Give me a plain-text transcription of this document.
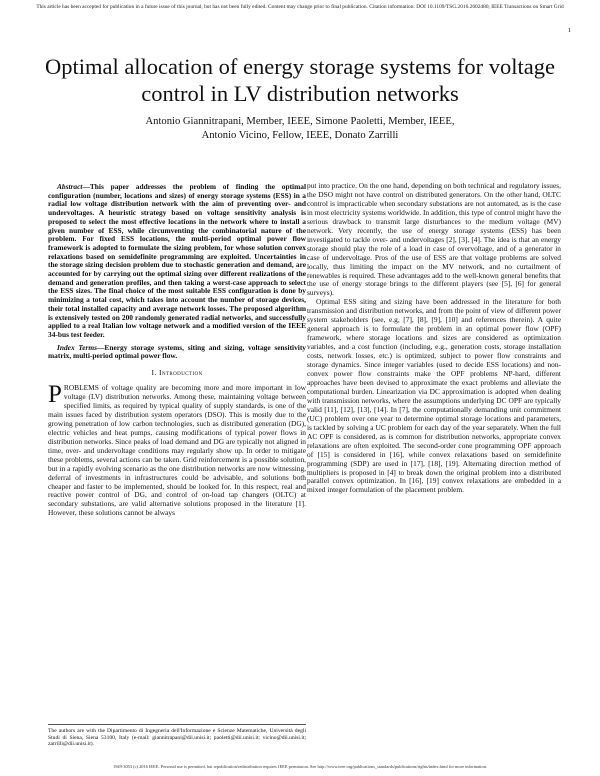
This article has been accepted for publication in a future issue of this journal, but has not been fully edited. Content may change prior to final publication. Citation information: DOI 10.1109/TSG.2016.2602480, IEEE Transactions on Smart Grid
1
Optimal allocation of energy storage systems for voltage control in LV distribution networks
Antonio Giannitrapani, Member, IEEE, Simone Paoletti, Member, IEEE,
Antonio Vicino, Fellow, IEEE, Donato Zarrilli

Abstract—This paper addresses the problem of finding the optimal configuration (number, locations and sizes) of energy storage systems (ESS) in a radial low voltage distribution network with the aim of preventing over- and undervoltages. A heuristic strategy based on voltage sensitivity analysis is proposed to select the most effective locations in the network where to install a given number of ESS, while circumventing the combinatorial nature of the problem. For fixed ESS locations, the multi-period optimal power flow framework is adopted to formulate the sizing problem, for whose solution convex relaxations based on semidefinite programming are exploited. Uncertainties in the storage sizing decision problem due to stochastic generation and demand, are accounted for by carrying out the optimal sizing over different realizations of the demand and generation profiles, and then taking a worst-case approach to select the ESS sizes. The final choice of the most suitable ESS configuration is done by minimizing a total cost, which takes into account the number of storage devices, their total installed capacity and average network losses. The proposed algorithm is extensively tested on 200 randomly generated radial networks, and successfully applied to a real Italian low voltage network and a modified version of the IEEE 34-bus test feeder.

Index Terms—Energy storage systems, siting and sizing, voltage sensitivity matrix, multi-period optimal power flow.

I. Introduction

PROBLEMS of voltage quality are becoming more and more important in low voltage (LV) distribution networks. Among these, maintaining voltage between specified limits, as required by typical quality of supply standards, is one of the main issues faced by distribution system operators (DSO). This is mostly due to the growing penetration of low carbon technologies, such as distributed generation (DG), electric vehicles and heat pumps, causing modifications of typical power flows in distribution networks. Since peaks of load demand and DG are typically not aligned in time, over- and undervoltage conditions may regularly show up. In order to mitigate these problems, several actions can be taken. Grid reinforcement is a possible solution, but in a rapidly evolving scenario as the one distribution networks are now witnessing, deferral of investments in infrastructures could be advisable, and solutions both cheaper and faster to be implemented, should be looked for. In this respect, real and reactive power control of DG, and control of on-load tap changers (OLTC) at secondary substations, are valid alternative solutions proposed in the literature [1]. However, these solutions cannot be always

The authors are with the Dipartimento di Ingegneria dell'Informazione e Scienze Matematiche, Università degli Studi di Siena, Siena 53100, Italy (e-mail: giannitrapani@dii.unisi.it; paoletti@dii.unisi.it; vicino@dii.unisi.it; zarrilli@dii.unisi.it).

put into practice. On the one hand, depending on both technical and regulatory issues, the DSO might not have control on distributed generators. On the other hand, OLTC control is impracticable when secondary substations are not automated, as is the case in most electricity systems worldwide. In addition, this type of control might have the serious drawback to transmit large disturbances to the medium voltage (MV) network. Very recently, the use of energy storage systems (ESS) has been investigated to tackle over- and undervoltages [2], [3], [4]. The idea is that an energy storage should play the role of a load in case of overvoltage, and of a generator in case of undervoltage. Pros of the use of ESS are that voltage problems are solved locally, thus limiting the impact on the MV network, and no curtailment of renewables is required. These advantages add to the well-known general benefits that the use of energy storage brings to the different players (see [5], [6] for general surveys).

Optimal ESS siting and sizing have been addressed in the literature for both transmission and distribution networks, and from the point of view of different power system stakeholders (see, e.g, [7], [8], [9], [10] and references therein). A quite general approach is to formulate the problem in an optimal power flow (OPF) framework, where storage locations and sizes are considered as optimization variables, and a cost function (including, e.g., generation costs, storage installation costs, network losses, etc.) is optimized, subject to power flow constraints and storage dynamics. Since integer variables (used to decide ESS locations) and non-convex power flow constraints make the OPF problems NP-hard, different approaches have been devised to approximate the exact problems and alleviate the computational burden. Linearization via DC approximation is adopted when dealing with transmission networks, where the assumptions underlying DC OPF are typically valid [11], [12], [13], [14]. In [7], the computationally demanding unit commitment (UC) problem over one year to determine optimal storage locations and parameters, is tackled by solving a UC problem for each day of the year separately. When the full AC OPF is considered, as is common for distribution networks, appropriate convex relaxations are often exploited. The second-order cone programming OPF approach of [15] is considered in [16], while convex relaxations based on semidefinite programming (SDP) are used in [17], [18], [19]. Alternating direction method of multipliers is proposed in [4] to break down the original problem into a distributed parallel convex optimization. In [16], [19] convex relaxations are embedded in a mixed integer formulation of the placement problem.

1949-3053 (c) 2016 IEEE. Personal use is permitted, but republication/redistribution requires IEEE permission. See http://www.ieee.org/publications_standards/publications/rights/index.html for more information.
